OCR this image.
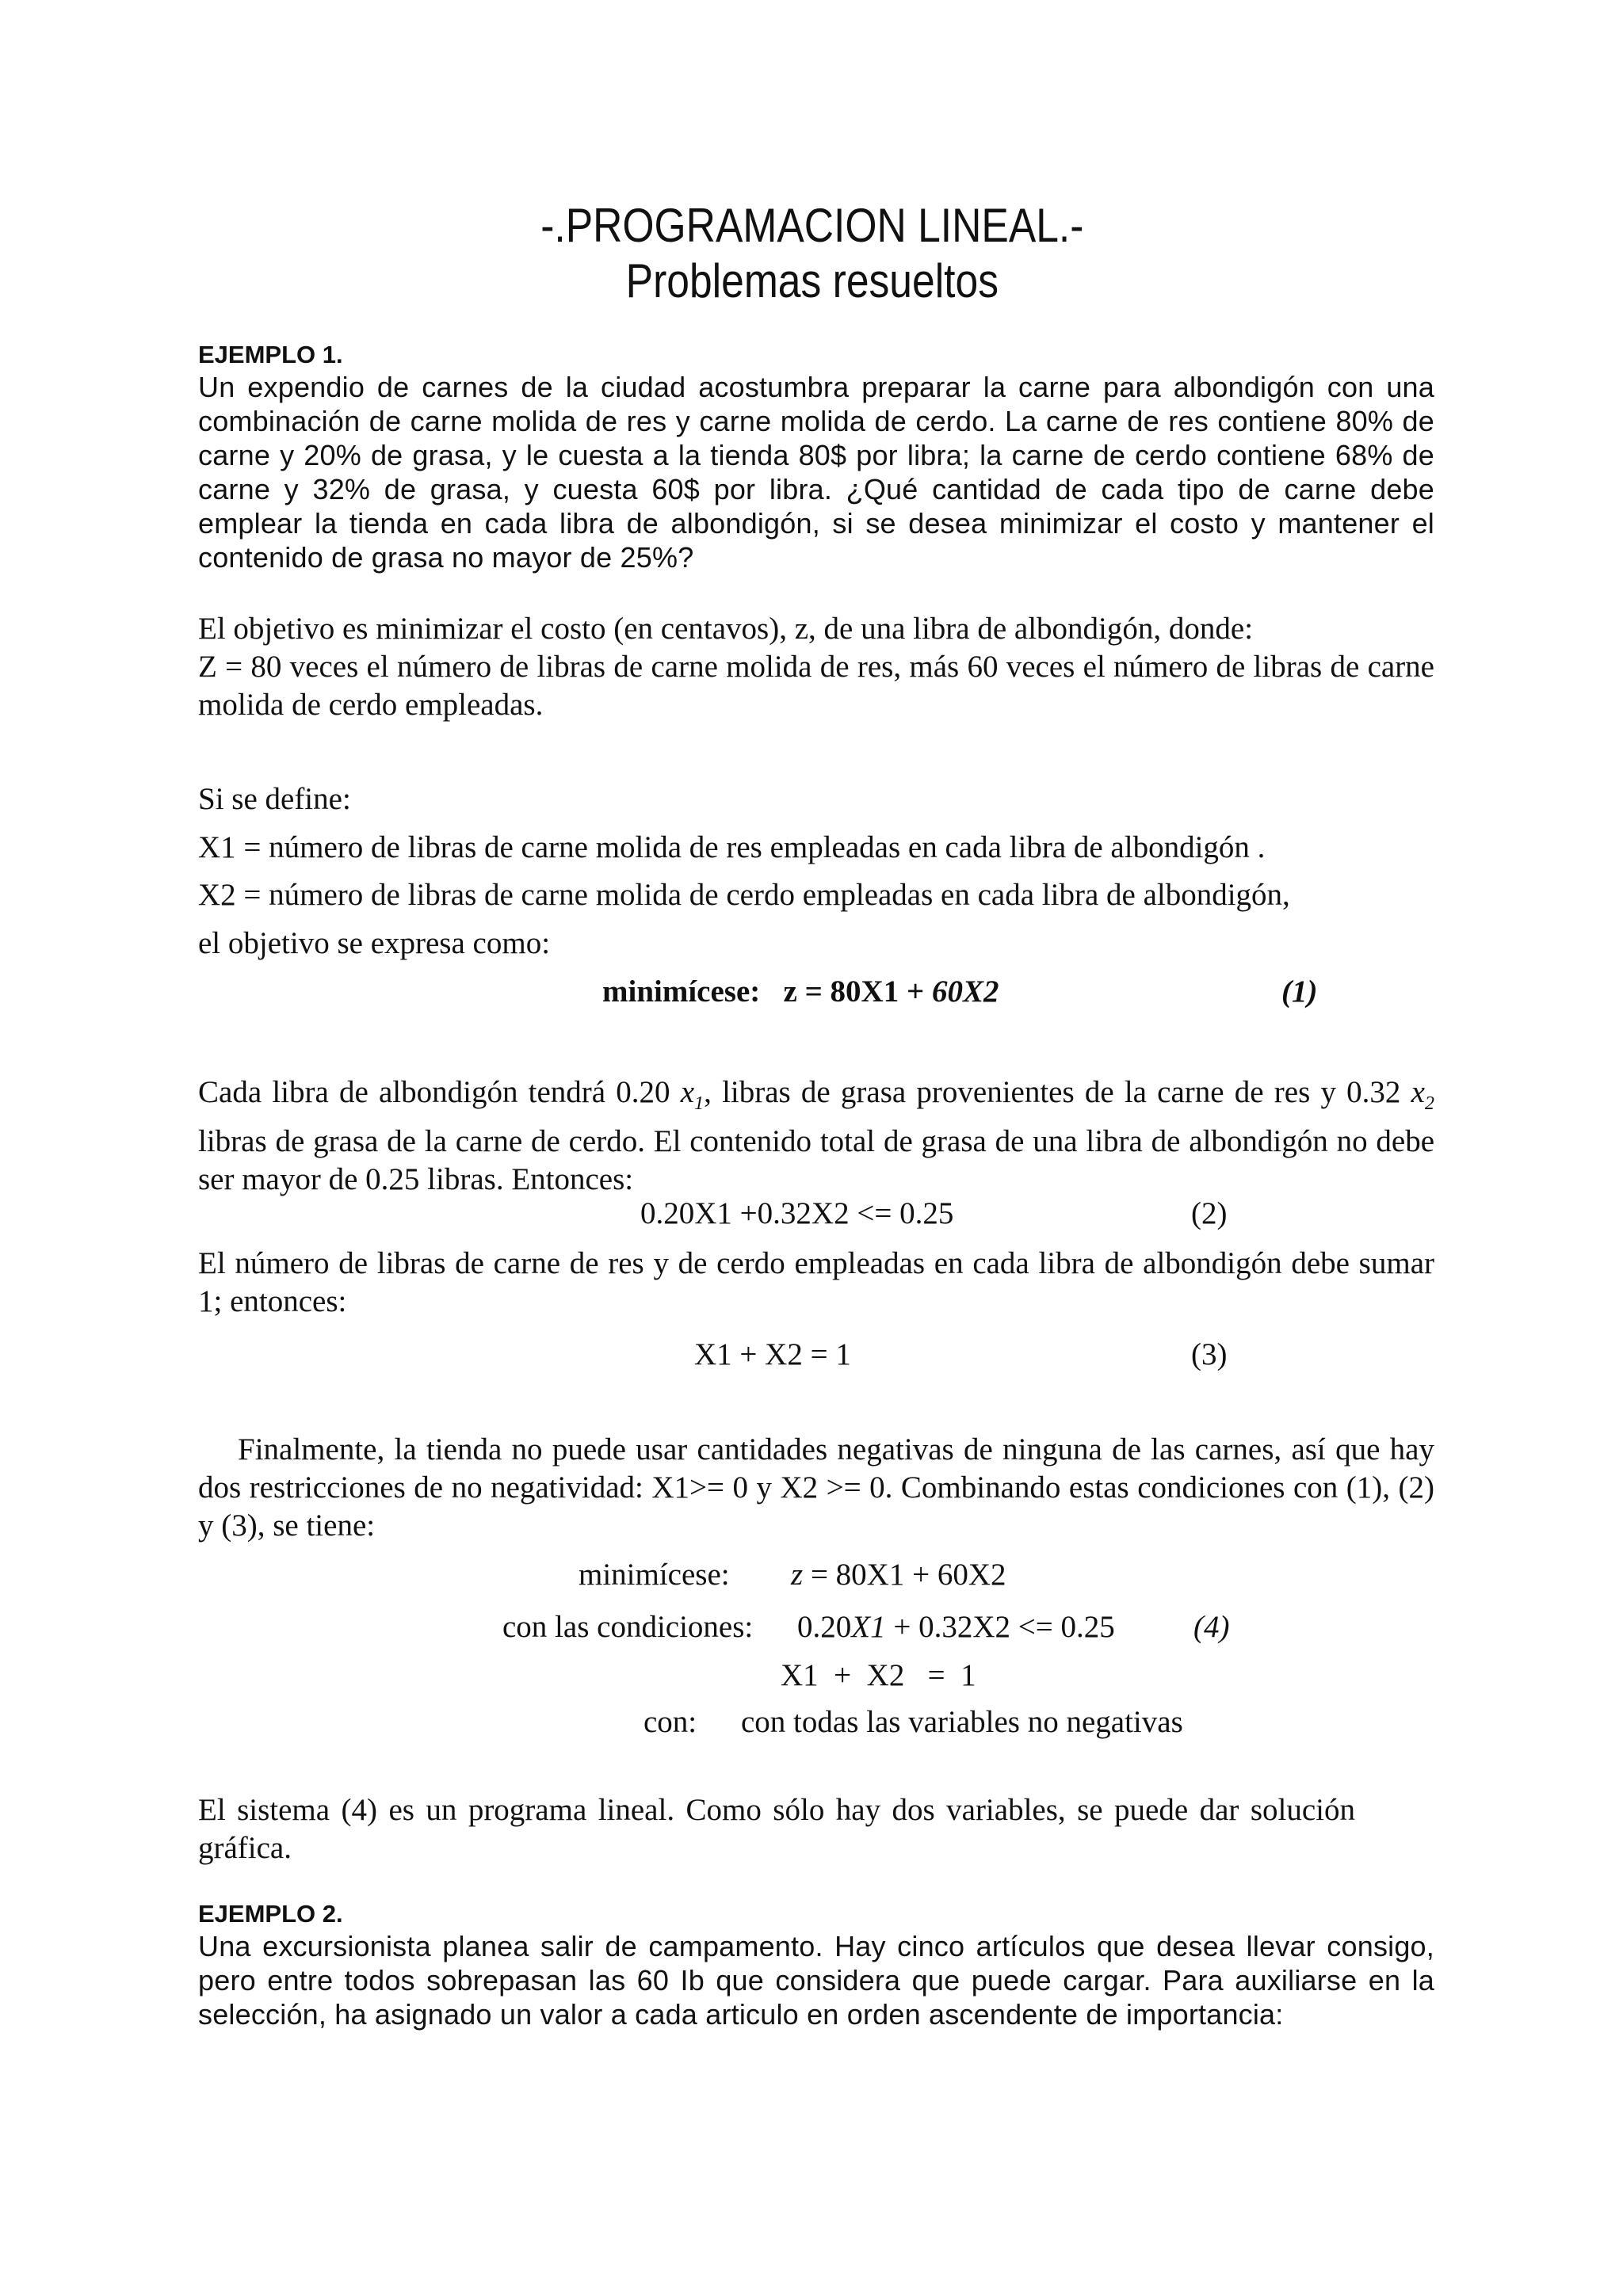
-.PROGRAMACION LINEAL.-
Problemas resueltos
EJEMPLO 1.
Un expendio de carnes de la ciudad acostumbra preparar la carne para albondigón con una combinación de carne molida de res y carne molida de cerdo. La carne de res contiene 80% de carne y 20% de grasa, y le cuesta a la tienda 80$ por libra; la carne de cerdo contiene 68% de carne y 32% de grasa, y cuesta 60$ por libra. ¿Qué cantidad de cada tipo de carne debe emplear la tienda en cada libra de albondigón, si se desea minimizar el costo y mantener el contenido de grasa no mayor de 25%?
El objetivo es minimizar el costo (en centavos), z, de una libra de albondigón, donde:
Z = 80 veces el número de libras de carne molida de res, más 60 veces el número de libras de carne molida de cerdo empleadas.
Si se define:
X1 = número de libras de carne molida de res empleadas en cada libra de albondigón .
X2 = número de libras de carne molida de cerdo empleadas en cada libra de albondigón,
el objetivo se expresa como:
minimícese: z = 80X1 + 60X2	(1)
Cada libra de albondigón tendrá 0.20 $x_1$, libras de grasa provenientes de la carne de res y 0.32 $x_2$ libras de grasa de la carne de cerdo. El contenido total de grasa de una libra de albondigón no debe ser mayor de 0.25 libras. Entonces:
0.20X1 +0.32X2 <= 0.25	(2)
El número de libras de carne de res y de cerdo empleadas en cada libra de albondigón debe sumar 1; entonces:
X1 + X2 = 1	(3)
Finalmente, la tienda no puede usar cantidades negativas de ninguna de las carnes, así que hay dos restricciones de no negatividad: X1>= 0 y X2 >= 0. Combinando estas condiciones con (1), (2) y (3), se tiene:
minimícese: z = 80X1 + 60X2
con las condiciones: 0.20X1 + 0.32X2 <= 0.25	(4)
X1  +  X2   =  1
con: con todas las variables no negativas
El sistema (4) es un programa lineal. Como sólo hay dos variables, se puede dar solución gráfica.
EJEMPLO 2.
Una excursionista planea salir de campamento. Hay cinco artículos que desea llevar consigo, pero entre todos sobrepasan las 60 Ib que considera que puede cargar. Para auxiliarse en la selección, ha asignado un valor a cada articulo en orden ascendente de importancia:
